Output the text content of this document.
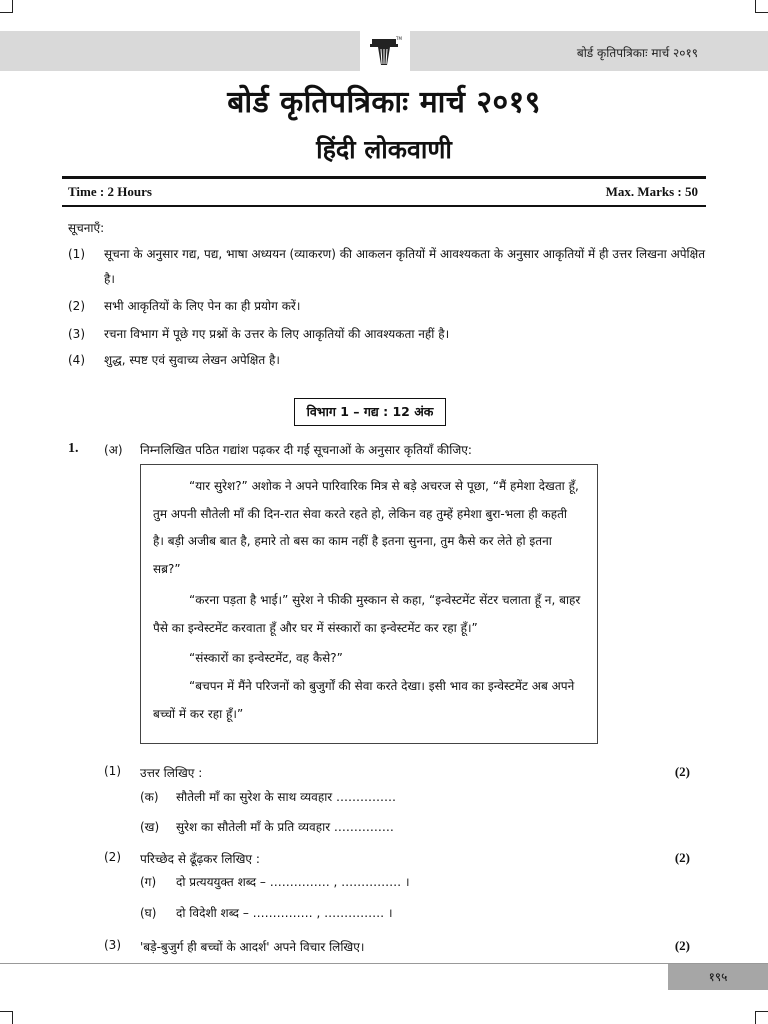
TM
बोर्ड कृतिपत्रिकाः मार्च २०१९
बोर्ड कृतिपत्रिकाः मार्च २०१९
हिंदी लोकवाणी
Time : 2 Hours	Max. Marks : 50
सूचनाएँ:
(1) सूचना के अनुसार गद्य, पद्य, भाषा अध्ययन (व्याकरण) की आकलन कृतियों में आवश्यकता के अनुसार आकृतियों में ही उत्तर लिखना अपेक्षित है।
(2) सभी आकृतियों के लिए पेन का ही प्रयोग करें।
(3) रचना विभाग में पूछे गए प्रश्नों के उत्तर के लिए आकृतियों की आवश्यकता नहीं है।
(4) शुद्ध, स्पष्ट एवं सुवाच्य लेखन अपेक्षित है।
विभाग 1 – गद्य : 12 अंक
1. (अ) निम्नलिखित पठित गद्यांश पढ़कर दी गई सूचनाओं के अनुसार कृतियाँ कीजिए:

“यार सुरेश?” अशोक ने अपने पारिवारिक मित्र से बड़े अचरज से पूछा, “मैं हमेशा देखता हूँ, तुम अपनी सौतेली माँ की दिन-रात सेवा करते रहते हो, लेकिन वह तुम्हें हमेशा बुरा-भला ही कहती है। बड़ी अजीब बात है, हमारे तो बस का काम नहीं है इतना सुनना, तुम कैसे कर लेते हो इतना सब्र?”

“करना पड़ता है भाई।” सुरेश ने फीकी मुस्कान से कहा, “इन्वेस्टमेंट सेंटर चलाता हूँ न, बाहर पैसे का इन्वेस्टमेंट करवाता हूँ और घर में संस्कारों का इन्वेस्टमेंट कर रहा हूँ।”

“संस्कारों का इन्वेस्टमेंट, वह कैसे?”

“बचपन में मैंने परिजनों को बुजुर्गों की सेवा करते देखा। इसी भाव का इन्वेस्टमेंट अब अपने बच्चों में कर रहा हूँ।”

(1) उत्तर लिखिए :	(2)
(क) सौतेली माँ का सुरेश के साथ व्यवहार ……………
(ख) सुरेश का सौतेली माँ के प्रति व्यवहार ……………
(2) परिच्छेद से ढूँढ़कर लिखिए :	(2)
(ग) दो प्रत्यययुक्त शब्द – …………… , …………… ।
(घ) दो विदेशी शब्द – …………… , …………… ।
(3) 'बड़े-बुजुर्ग ही बच्चों के आदर्श' अपने विचार लिखिए।	(2)
१९५
